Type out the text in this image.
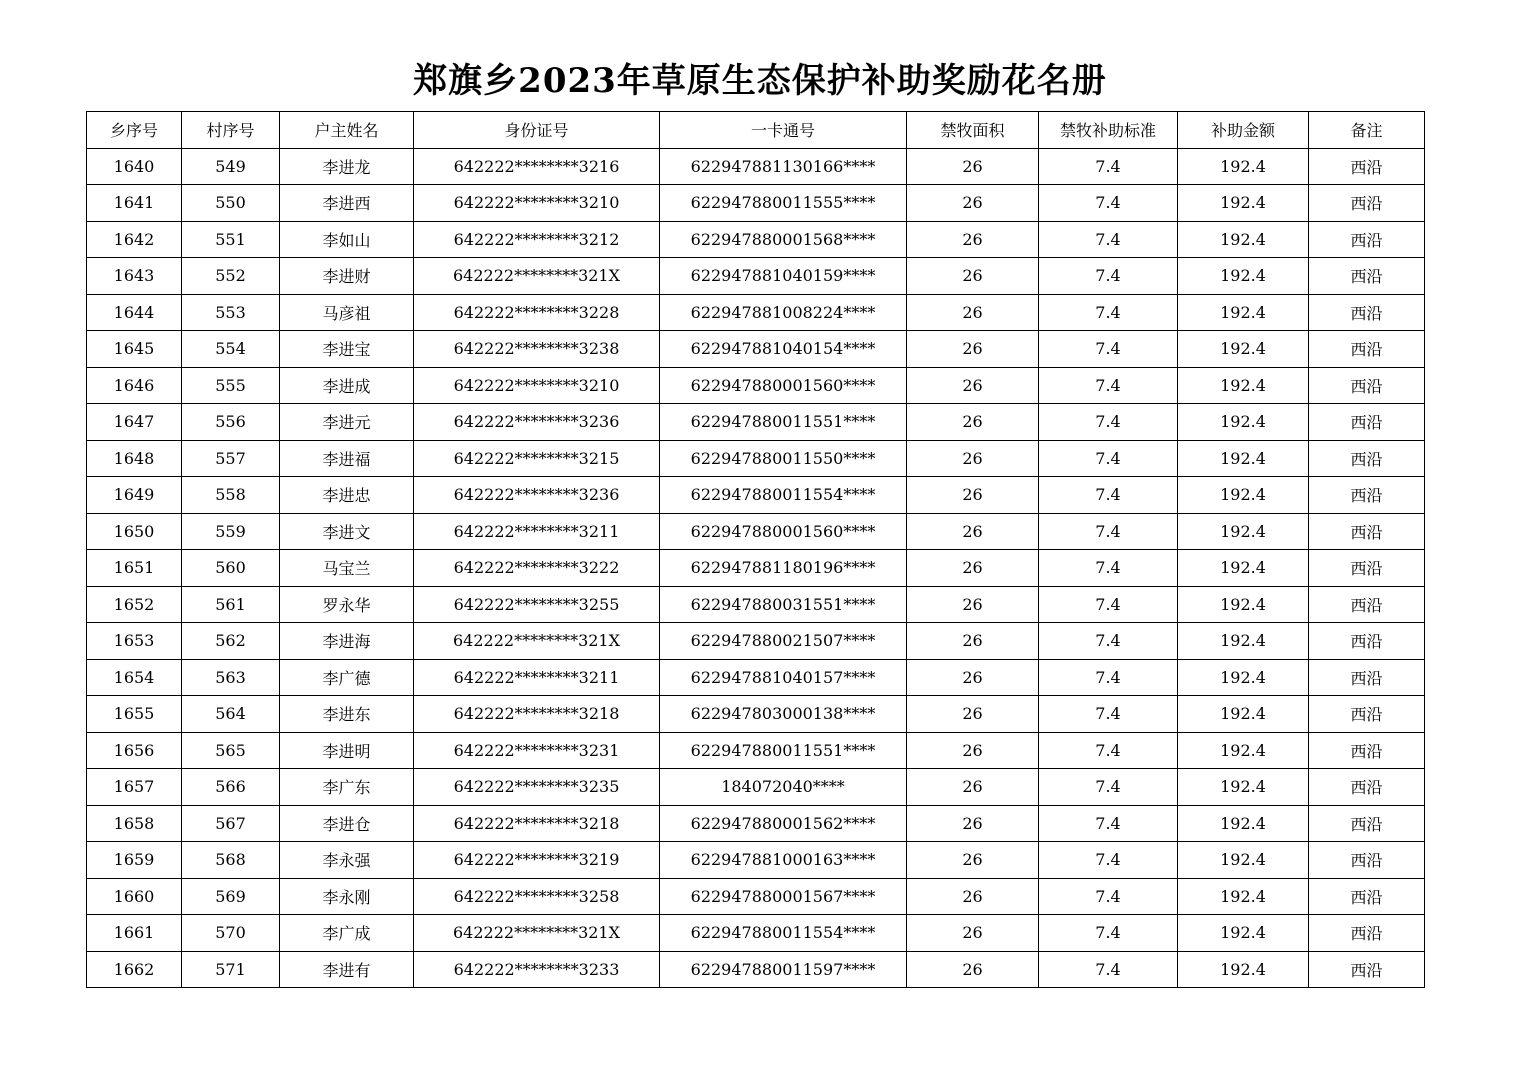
郑旗乡2023年草原生态保护补助奖励花名册
乡序号	村序号	户主姓名	身份证号	一卡通号	禁牧面积	禁牧补助标准	补助金额	备注
1640	549	李进龙	642222********3216	622947881130166****	26	7.4	192.4	西沿
1641	550	李进西	642222********3210	622947880011555****	26	7.4	192.4	西沿
1642	551	李如山	642222********3212	622947880001568****	26	7.4	192.4	西沿
1643	552	李进财	642222********321X	622947881040159****	26	7.4	192.4	西沿
1644	553	马彦祖	642222********3228	622947881008224****	26	7.4	192.4	西沿
1645	554	李进宝	642222********3238	622947881040154****	26	7.4	192.4	西沿
1646	555	李进成	642222********3210	622947880001560****	26	7.4	192.4	西沿
1647	556	李进元	642222********3236	622947880011551****	26	7.4	192.4	西沿
1648	557	李进福	642222********3215	622947880011550****	26	7.4	192.4	西沿
1649	558	李进忠	642222********3236	622947880011554****	26	7.4	192.4	西沿
1650	559	李进文	642222********3211	622947880001560****	26	7.4	192.4	西沿
1651	560	马宝兰	642222********3222	622947881180196****	26	7.4	192.4	西沿
1652	561	罗永华	642222********3255	622947880031551****	26	7.4	192.4	西沿
1653	562	李进海	642222********321X	622947880021507****	26	7.4	192.4	西沿
1654	563	李广德	642222********3211	622947881040157****	26	7.4	192.4	西沿
1655	564	李进东	642222********3218	622947803000138****	26	7.4	192.4	西沿
1656	565	李进明	642222********3231	622947880011551****	26	7.4	192.4	西沿
1657	566	李广东	642222********3235	184072040****	26	7.4	192.4	西沿
1658	567	李进仓	642222********3218	622947880001562****	26	7.4	192.4	西沿
1659	568	李永强	642222********3219	622947881000163****	26	7.4	192.4	西沿
1660	569	李永刚	642222********3258	622947880001567****	26	7.4	192.4	西沿
1661	570	李广成	642222********321X	622947880011554****	26	7.4	192.4	西沿
1662	571	李进有	642222********3233	622947880011597****	26	7.4	192.4	西沿
